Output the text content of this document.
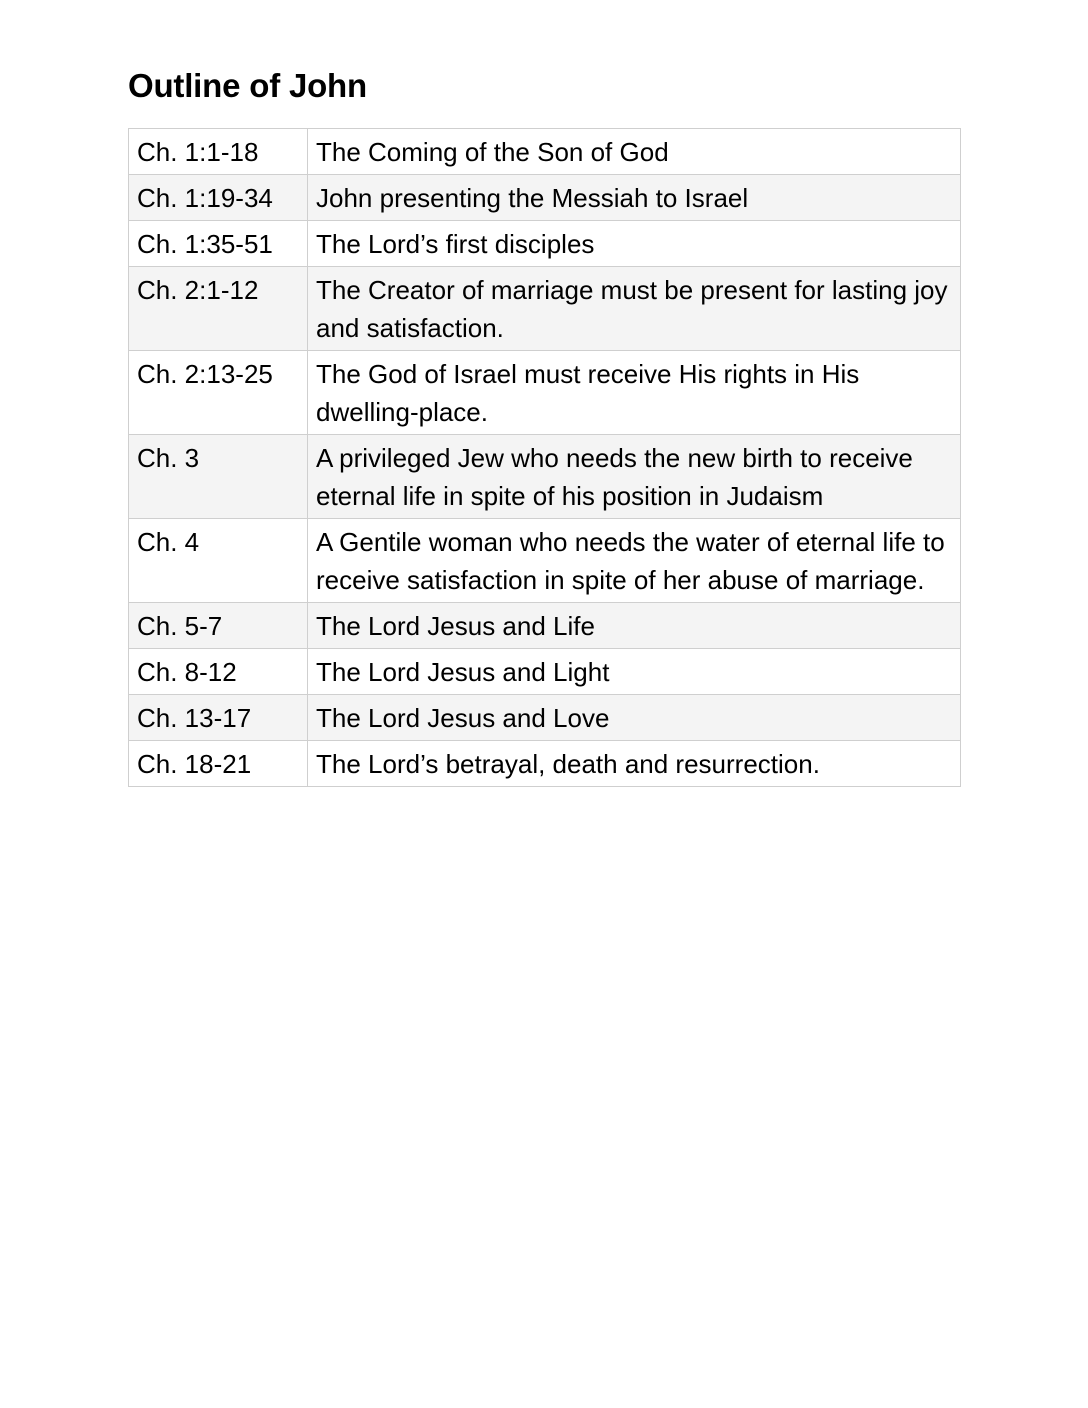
Outline of John
Ch. 1:1-18	The Coming of the Son of God
Ch. 1:19-34	John presenting the Messiah to Israel
Ch. 1:35-51	The Lord’s first disciples
Ch. 2:1-12	The Creator of marriage must be present for lasting joy and satisfaction.
Ch. 2:13-25	The God of Israel must receive His rights in His dwelling-place.
Ch. 3	A privileged Jew who needs the new birth to receive eternal life in spite of his position in Judaism
Ch. 4	A Gentile woman who needs the water of eternal life to receive satisfaction in spite of her abuse of marriage.
Ch. 5-7	The Lord Jesus and Life
Ch. 8-12	The Lord Jesus and Light
Ch. 13-17	The Lord Jesus and Love
Ch. 18-21	The Lord’s betrayal, death and resurrection.
